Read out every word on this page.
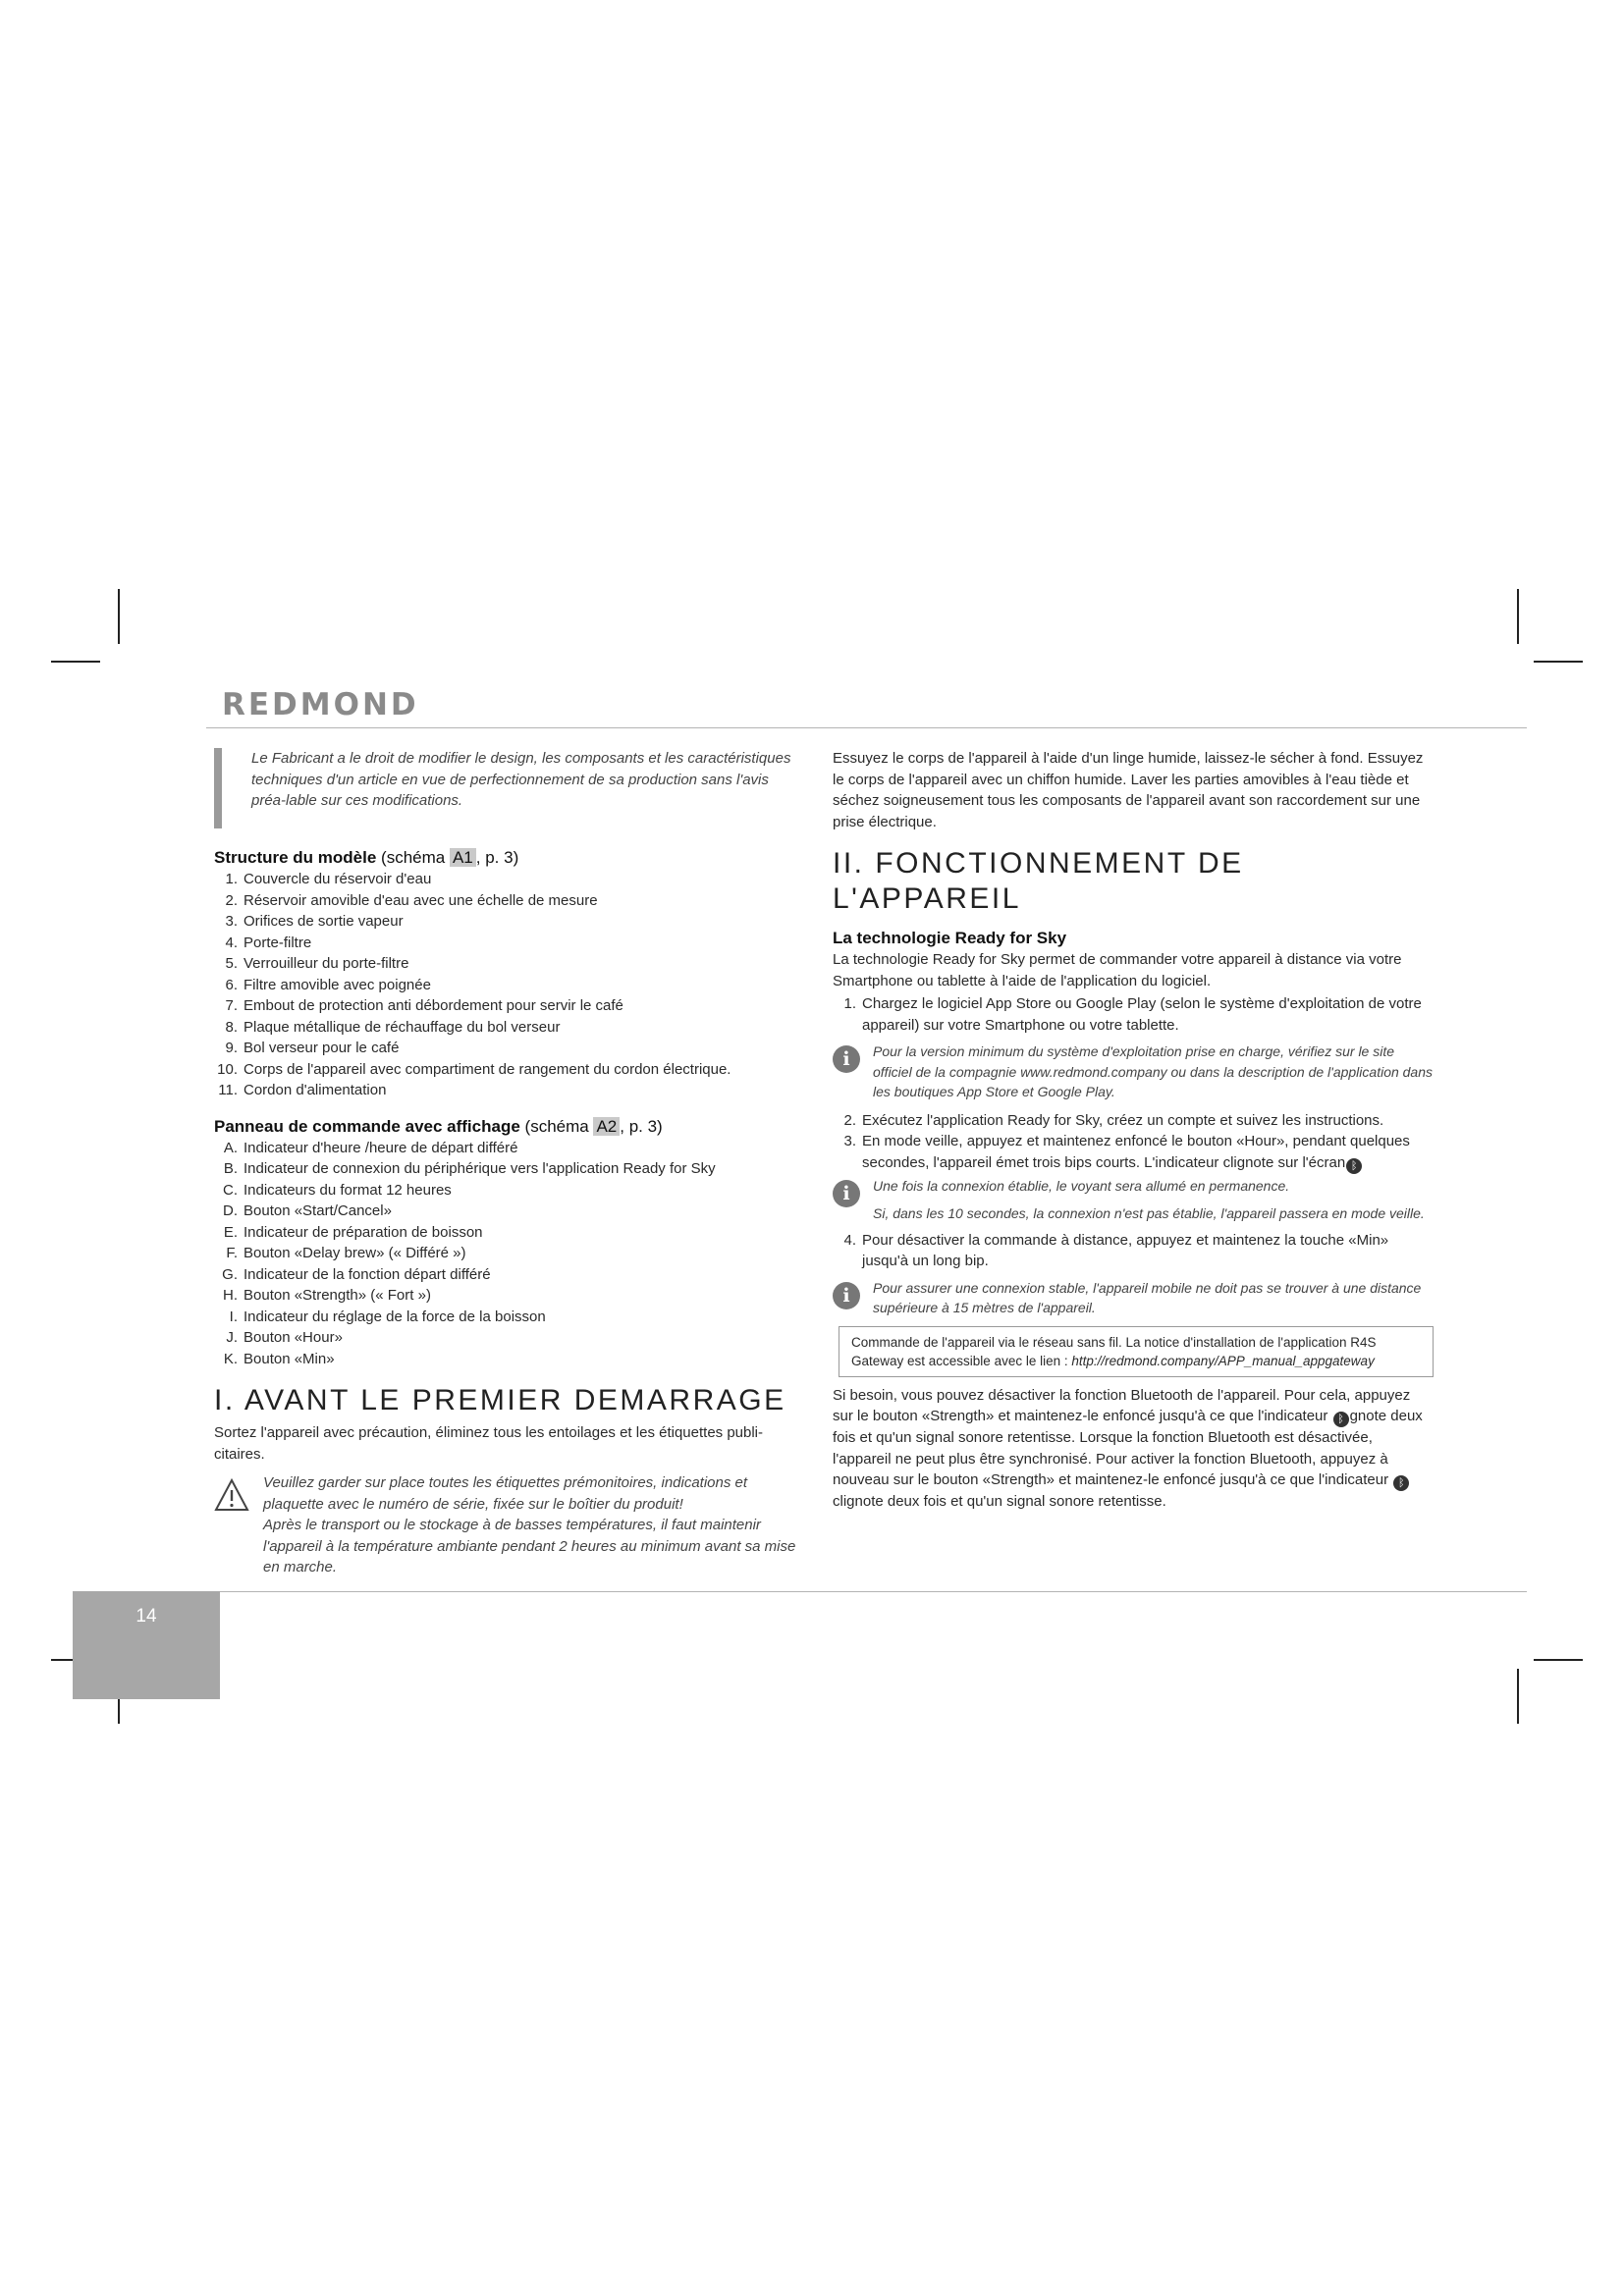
REDMOND

Le Fabricant a le droit de modifier le design, les composants et les caractéristiques techniques d'un article en vue de perfectionnement de sa production sans l'avis préa-lable sur ces modifications.

Structure du modèle (schéma A1 , p. 3)
1. Couvercle du réservoir d'eau
2. Réservoir amovible d'eau avec une échelle de mesure
3. Orifices de sortie vapeur
4. Porte-filtre
5. Verrouilleur du porte-filtre
6. Filtre amovible avec poignée
7. Embout de protection anti débordement pour servir le café
8. Plaque métallique de réchauffage du bol verseur
9. Bol verseur pour le café
10. Corps de l'appareil avec compartiment de rangement du cordon électrique.
11. Cordon d'alimentation
Panneau de commande avec affichage (schéma A2 , p. 3)
A. Indicateur d'heure /heure de départ différé
B. Indicateur de connexion du périphérique vers l'application Ready for Sky
C. Indicateurs du format 12 heures
D. Bouton «Start/Cancel»
E. Indicateur de préparation de boisson
F. Bouton «Delay brew» (« Différé »)
G. Indicateur de la fonction départ différé
H. Bouton «Strength» (« Fort »)
I. Indicateur du réglage de la force de la boisson
J. Bouton «Hour»
K. Bouton «Min»
I. AVANT LE PREMIER DEMARRAGE

Sortez l'appareil avec précaution, éliminez tous les entoilages et les étiquettes publi-citaires.

Veuillez garder sur place toutes les étiquettes prémonitoires, indications et plaquette avec le numéro de série, fixée sur le boîtier du produit!

Après le transport ou le stockage à de basses températures, il faut maintenir l'appareil à la température ambiante pendant 2 heures au minimum avant sa mise en marche.

Essuyez le corps de l'appareil à l'aide d'un linge humide, laissez-le sécher à fond. Essuyez le corps de l'appareil avec un chiffon humide. Laver les parties amovibles à l'eau tiède et séchez soigneusement tous les composants de l'appareil avant son raccordement sur une prise électrique.

II. FONCTIONNEMENT DE L'APPAREIL
La technologie Ready for Sky

La technologie Ready for Sky permet de commander votre appareil à distance via votre Smartphone ou tablette à l'aide de l'application du logiciel.

1. Chargez le logiciel App Store ou Google Play (selon le système d'exploitation de votre appareil) sur votre Smartphone ou votre tablette.
i	Pour la version minimum du système d'exploitation prise en charge, vérifiez sur le site officiel de la compagnie www.redmond.company ou dans la description de l'application dans les boutiques App Store et Google Play.

2. Exécutez l'application Ready for Sky, créez un compte et suivez les instructions.
3. En mode veille, appuyez et maintenez enfoncé le bouton «Hour», pendant quelques secondes, l'appareil émet trois bips courts. L'indicateur clignote sur l'écran ᛒ
i	Une fois la connexion établie, le voyant sera allumé en permanence.

Si, dans les 10 secondes, la connexion n'est pas établie, l'appareil passera en mode veille.

4. Pour désactiver la commande à distance, appuyez et maintenez la touche «Min» jusqu'à un long bip.
i	Pour assurer une connexion stable, l'appareil mobile ne doit pas se trouver à une distance supérieure à 15 mètres de l'appareil.

Commande de l'appareil via le réseau sans fil. La notice d'installation de l'application R4S Gateway est accessible avec le lien : http://redmond.company/APP_manual_appgateway

Si besoin, vous pouvez désactiver la fonction Bluetooth de l'appareil. Pour cela, appuyez sur le bouton «Strength» et maintenez-le enfoncé jusqu'à ce que l'indicateur ᛒ gnote deux fois et qu'un signal sonore retentisse. Lorsque la fonction Bluetooth est désactivée, l'appareil ne peut plus être synchronisé. Pour activer la fonction Bluetooth, appuyez à nouveau sur le bouton «Strength» et maintenez-le enfoncé jusqu'à ce que l'indicateur ᛒclignote deux fois et qu'un signal sonore retentisse.

14
